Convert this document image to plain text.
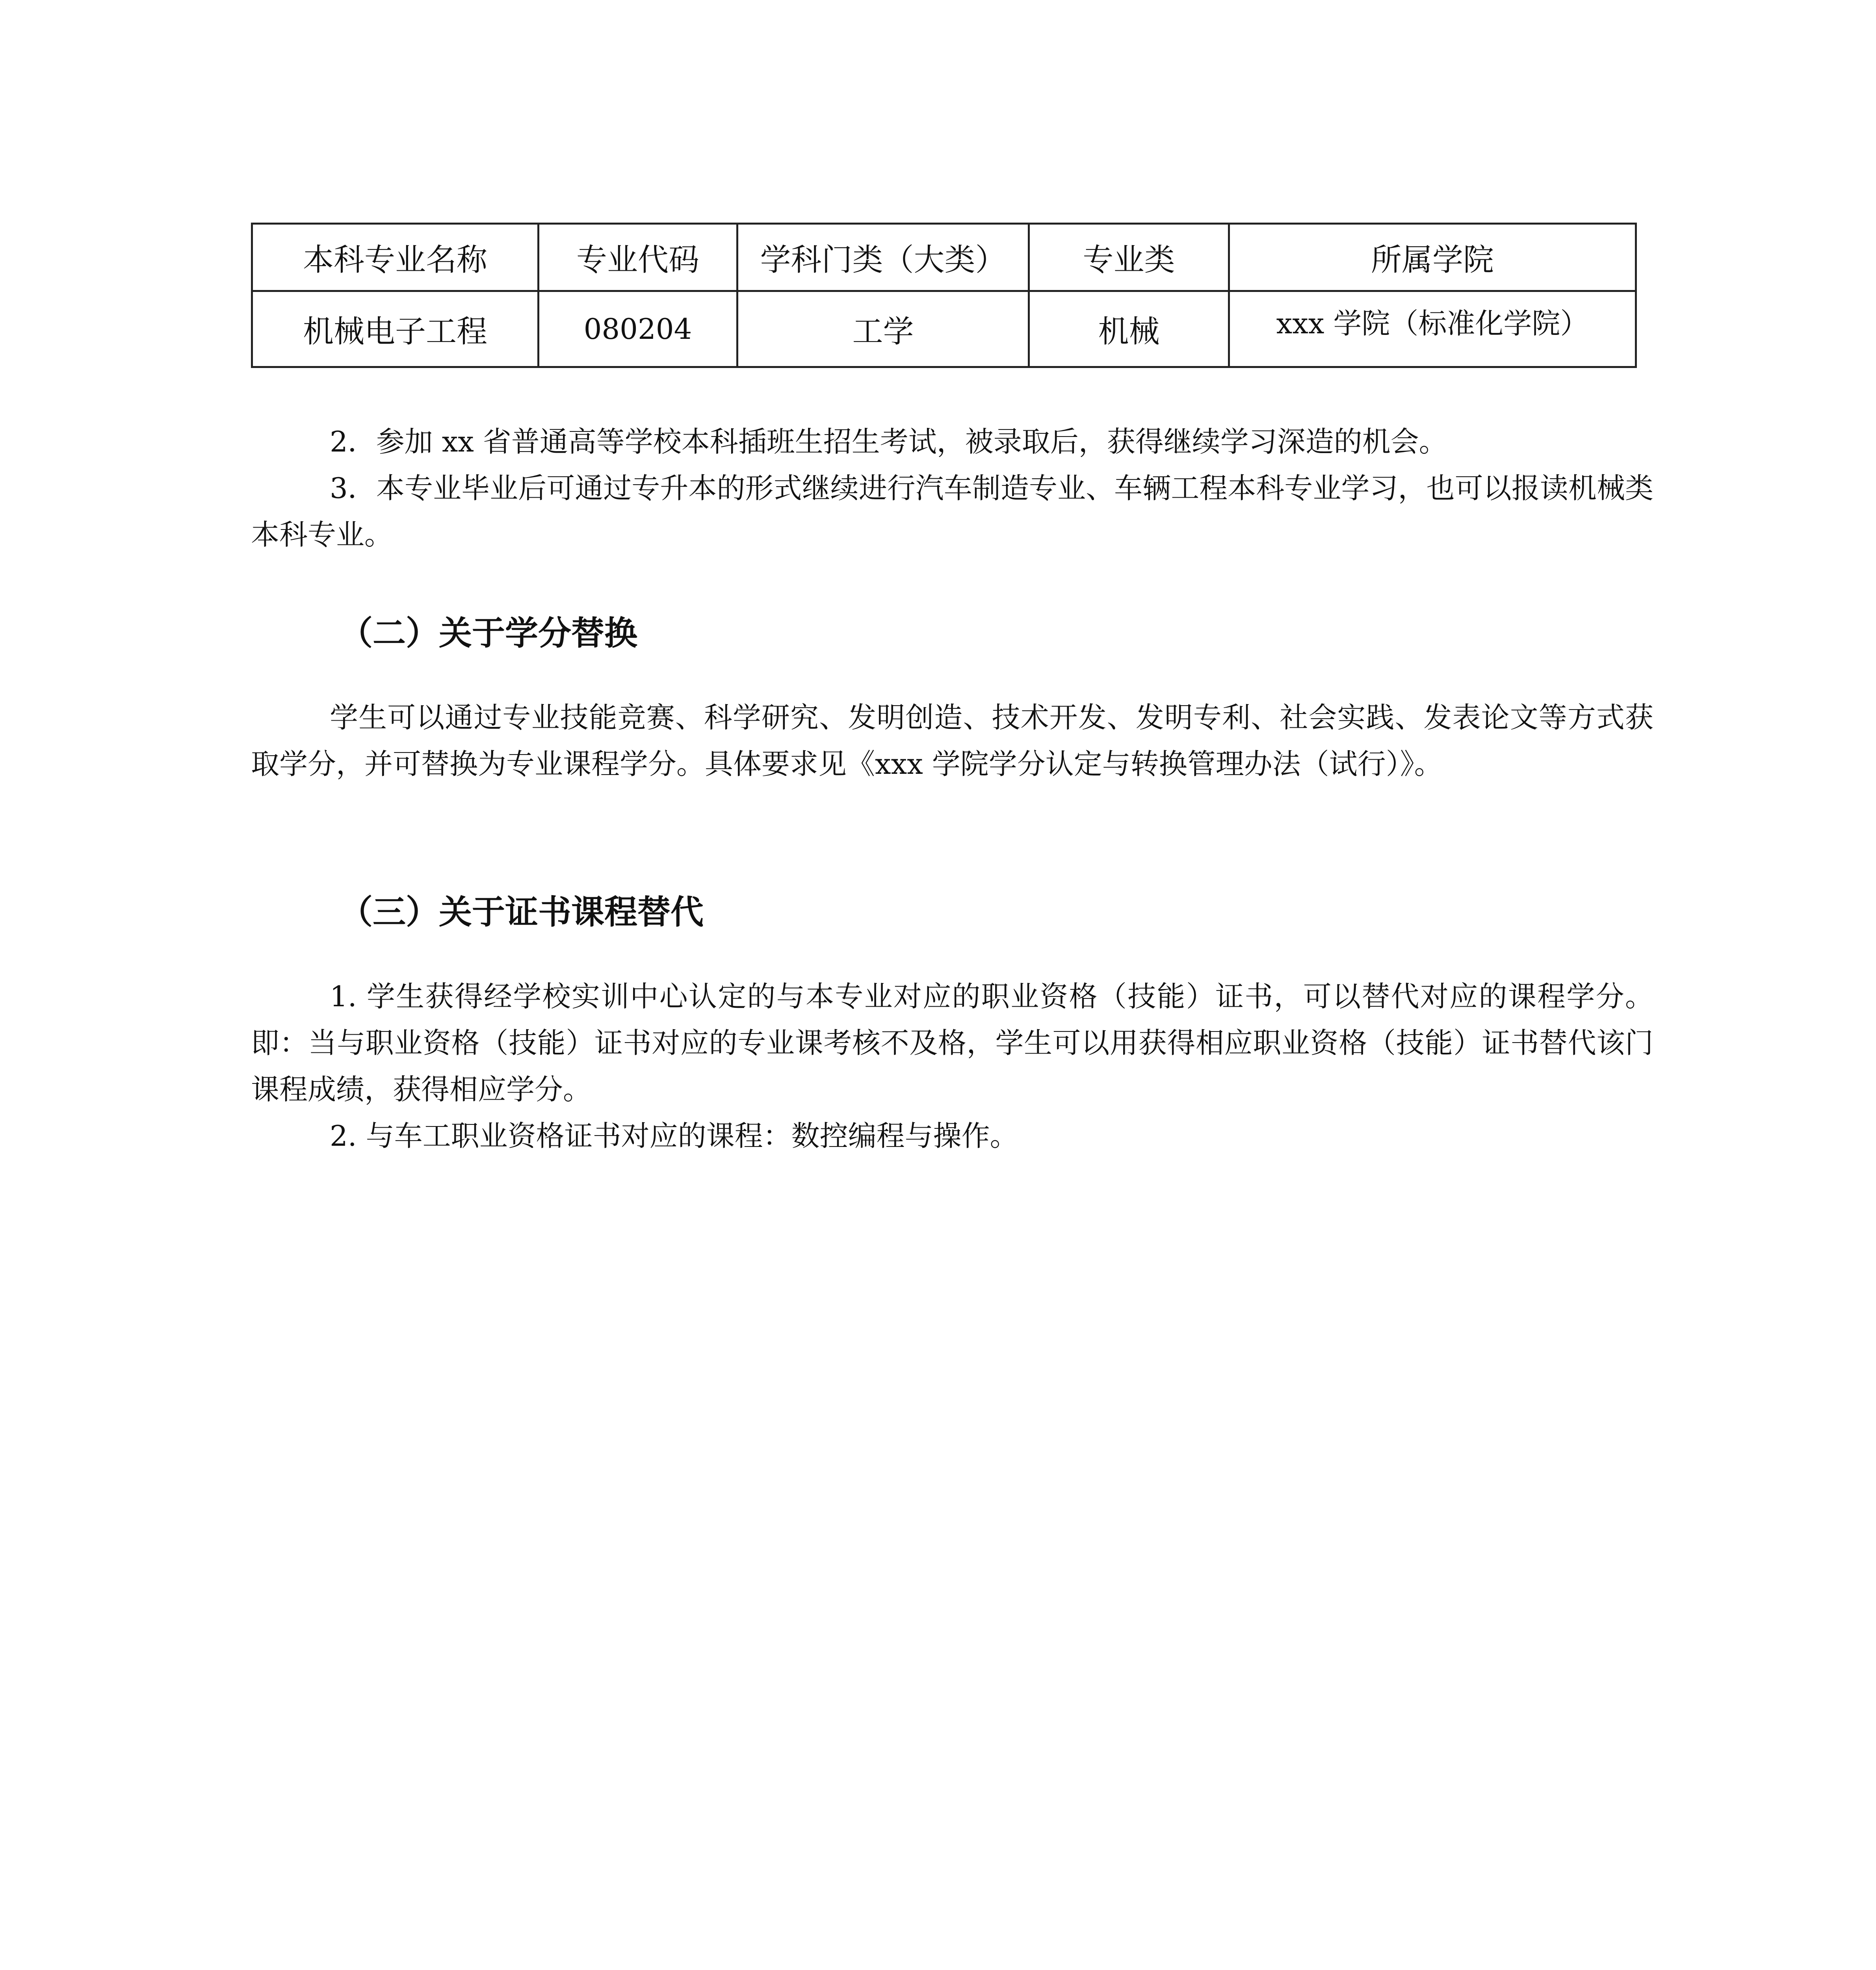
本科专业名称	专业代码	学科门类（大类）	专业类	所属学院
机械电子工程	080204	工学	机械	xxx 学院（标准化学院）

2．参加 xx 省普通高等学校本科插班生招生考试，被录取后，获得继续学习深造的机会。

3．本专业毕业后可通过专升本的形式继续进行汽车制造专业、车辆工程本科专业学习，也可以报读机械类本科专业。

（二）关于学分替换

学生可以通过专业技能竞赛、科学研究、发明创造、技术开发、发明专利、社会实践、发表论文等方式获取学分，并可替换为专业课程学分。具体要求见《xxx 学院学分认定与转换管理办法（试行）》。

（三）关于证书课程替代

1. 学生获得经学校实训中心认定的与本专业对应的职业资格（技能）证书，可以替代对应的课程学分。即：当与职业资格（技能）证书对应的专业课考核不及格，学生可以用获得相应职业资格（技能）证书替代该门课程成绩，获得相应学分。

2. 与车工职业资格证书对应的课程：数控编程与操作。
